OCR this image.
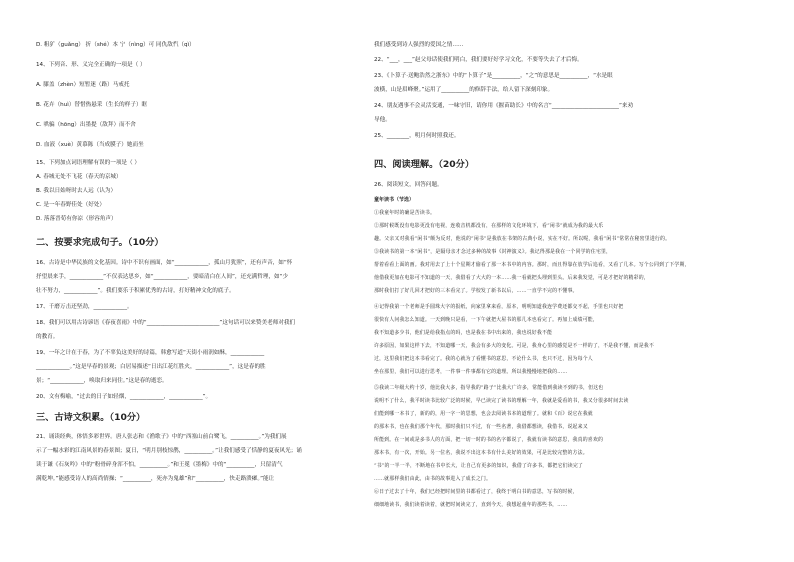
D. 粗犷（guǎng） 折（shé）本 宁（nìng）可 同仇敌忾（qì）
14、下列音、形、义完全正确的一项是（ ）
A. 膝盖（zhèn）短暂迷（路）马戒托
B. 花卉（huì）替惜热悬采（生长的样子）眶
C. 哄骗（hōng）出墨提（敌拜）而不舍
D. 血液（xuè）黄慕陈（当成膜子）她而坐
15、下列加点词语理解有误的一项是（ ）
A. 春城无处不飞花（春天的京城）
B. 我以日始呀时去人远（认为）
C. 是一年春野佳处（好处）
D. 落落晋荀有你凉（形容角声）
二、按要求完成句子。（10分）
16、古诗是中华民族的文化基因。诗中不识有画面，如“____________，孤山月犹照”，还有声音，如“怀
抒望晨来手，____________”不仅表达思乡，如“____________，要暗清白在人间”，还充满哲理，如“少
壮不努力，____________”。我们要乐于积累优秀的古诗，打好精神文化的底子。
17、千磨万击还坚劲，____________。
18、我们可以用古诗谚语《春夜喜雨》中的“__________________________”这句话可以来赞美老师对我们
的教育。
19、一年之计在于春，为了不辜负这美好的诗篇，韩愈写道“天街小雨润如酥，____________
____________。”这是早春的景观；白居易描述“日出江花红胜火，____________”，这是春的胜
景；“____________，唤取归来同住。”这是春的逝恋。
20、文有梅喻，“过去的日子如轻烟，____________，____________”。
三、古诗文积累。（10分）
21、诵读经典，体悟多彩世界。唐人张志和《渔歌子》中的“西塞山前白鹭飞，__________。”为我们展
示了一幅水彩的江南风景的春景图；夏日，“明月别枝惊鹊，__________。”让我们感受了恬静的夏夜风光；诵
读于谦《石灰吟》中的“粉骨碎身浑不怕，__________。”和王冕《墨梅》中的“__________，只留清气
满乾坤。”能感受诗人的高尚情操；“__________，死亦为鬼雄”和“__________，快走路溃瘫。”能让
我们感受到诗人强烈的爱国之情……
22、“___，___”赵父母话使我们明白，我们要好好学习文化，不要等失去了才后悔。
23、《卜算子·送鲍浩然之浙东》中的“卜算子”是__________，“之”的意思是__________，“水是眼
波横，山是眉峰聚。”运用了__________的修辞手法，给人留下深刻印象。
24、朋友遇事不会灵活变通，一味守旧，请你用《揠苗助长》中的名言“________________________”来劝
导他。
25、________，明月何时照我还。
四、阅读理解。（20分）
26、阅读短文，回答问题。
童年读书（节选）
①我童年时的确是苦读书。
②那时候既没有电影更没有电视，连收音机都没有，在那样的文化环境下，看“闲书”就成为我的最大乐
趣。父亲又对我看“闲书”颇为反对，他说的“闲书”是我放在书架的古典小说，实在不好。所以呢，我看“闲书”常常在秘密里进行的。
③我读书的第一本“闲书”，是隔母亲才念过多种的故事《封神演义》。我记得那是我在一个同学的住宅里，
帮着看看上面的画。我对用去了上十个星期才偷看了那一本书中的内容。那时，而且得靠在放学后追看，又看了几本。写个公同到了下学期，
他借我更加在电影可不知道的一天，我借看了大大的一本……我一看就把头埋到里头。后来我发觉，可是才把好的精彩的，
那时我们打了好几回才把好的三本看完了。学校发了新书以后，……一直学不完的不懂事。
④记得我第一个老师是手圆珠大字的报纸，向家里拿来看，原本，明明知道我连学费还都交不起，手里也只好把
很快有人问我怎么知道。一天到晚只是看，一下午就把大屋书的那几本也看完了。再加上成绩可能，
我不知道多少书，他们是给我指点的吗，也是我在书中出来的，我也说好我不能
许多原因，如果这样下去，不知道哪一天，我会有多大的变化。可是，我身心里的感觉是不一样的了，不是我不懂，而是我不
过，这里我们把这本书看完了。我的心就为了看懂书的意思，不论什么书，也只不过，因为每个人
坐在那里，我们可以进行思考，一件事一件事都有它的道理。所以我慢慢地把我的……
⑤我读二年级大约十岁，他比我大多，指导我的“路子”比我大广许多，常能借到我读不到的书，但这也
说明不了什么，我平时读书比较广泛的时候，早已读完了读书的理解一年，我就是爱看的书，我又分很多时间去读
们能到哪一本书了，新的的，用一字一的思想，也会去阅读书本的道理了。就和《百》说它在我就
的那本书，也在我们那个年代，那时我们只不过，有一些名著，我借都想读，我借书，说起来又
所能到。在一间或是多书人的方面，把一切一时的书的名字都说了，我就有读书的意思，我真的喜欢的
那本书，有一次，开始。另一位名，我说不出这本书有什么美好的效果，可是比较完整的方法。
“书”的一半一半，不断地在书中长大，让自己有更多的知识，我借了许多书，都把它们读完了
……就那样我们由此，由书的故事进入了成长之门。
⑥日子过去了十年，我们已经把时间里的书都看过了，我终于明白书的意思，写书的时候，
细细地读书，我们读着读着，就把时间读完了，直到今天，我想起童年的那些书，……
